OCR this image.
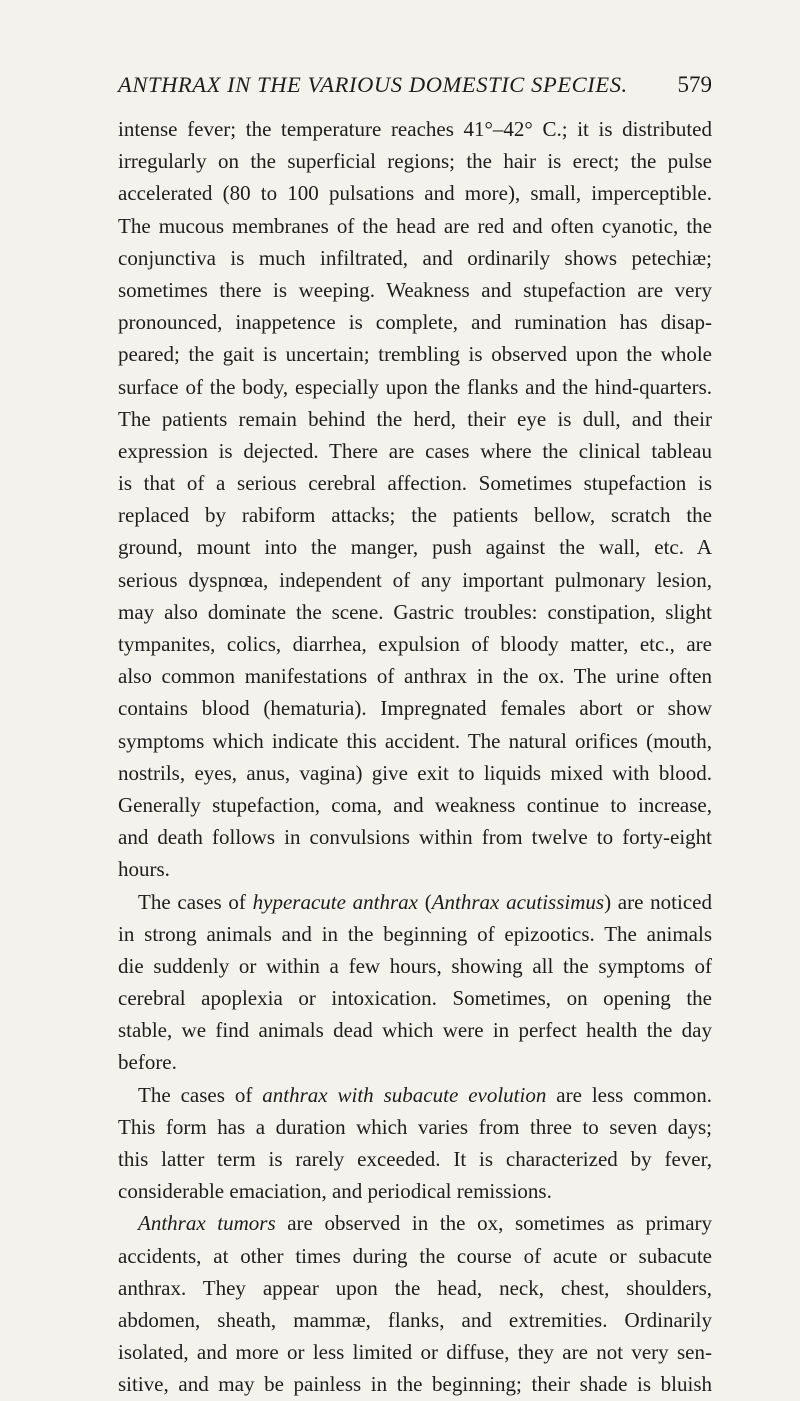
ANTHRAX IN THE VARIOUS DOMESTIC SPECIES. 579
intense fever; the temperature reaches 41°–42° C.; it is distributed
irregularly on the superficial regions; the hair is erect; the pulse
accelerated (80 to 100 pulsations and more), small, imperceptible.
The mucous membranes of the head are red and often cyanotic, the
conjunctiva is much infiltrated, and ordinarily shows petechiæ;
sometimes there is weeping. Weakness and stupefaction are very
pronounced, inappetence is complete, and rumination has disap-
peared; the gait is uncertain; trembling is observed upon the whole
surface of the body, especially upon the flanks and the hind-quarters.
The patients remain behind the herd, their eye is dull, and their
expression is dejected. There are cases where the clinical tableau
is that of a serious cerebral affection. Sometimes stupefaction is
replaced by rabiform attacks; the patients bellow, scratch the
ground, mount into the manger, push against the wall, etc. A
serious dyspnœa, independent of any important pulmonary lesion,
may also dominate the scene. Gastric troubles: constipation, slight
tympanites, colics, diarrhea, expulsion of bloody matter, etc., are
also common manifestations of anthrax in the ox. The urine often
contains blood (hematuria). Impregnated females abort or show
symptoms which indicate this accident. The natural orifices (mouth,
nostrils, eyes, anus, vagina) give exit to liquids mixed with blood.
Generally stupefaction, coma, and weakness continue to increase,
and death follows in convulsions within from twelve to forty-eight
hours.
The cases of hyperacute anthrax (Anthrax acutissimus) are noticed
in strong animals and in the beginning of epizootics. The animals
die suddenly or within a few hours, showing all the symptoms of
cerebral apoplexia or intoxication. Sometimes, on opening the
stable, we find animals dead which were in perfect health the day
before.
The cases of anthrax with subacute evolution are less common.
This form has a duration which varies from three to seven days;
this latter term is rarely exceeded. It is characterized by fever,
considerable emaciation, and periodical remissions.
Anthrax tumors are observed in the ox, sometimes as primary
accidents, at other times during the course of acute or subacute
anthrax. They appear upon the head, neck, chest, shoulders,
abdomen, sheath, mammæ, flanks, and extremities. Ordinarily
isolated, and more or less limited or diffuse, they are not very sen-
sitive, and may be painless in the beginning; their shade is bluish
